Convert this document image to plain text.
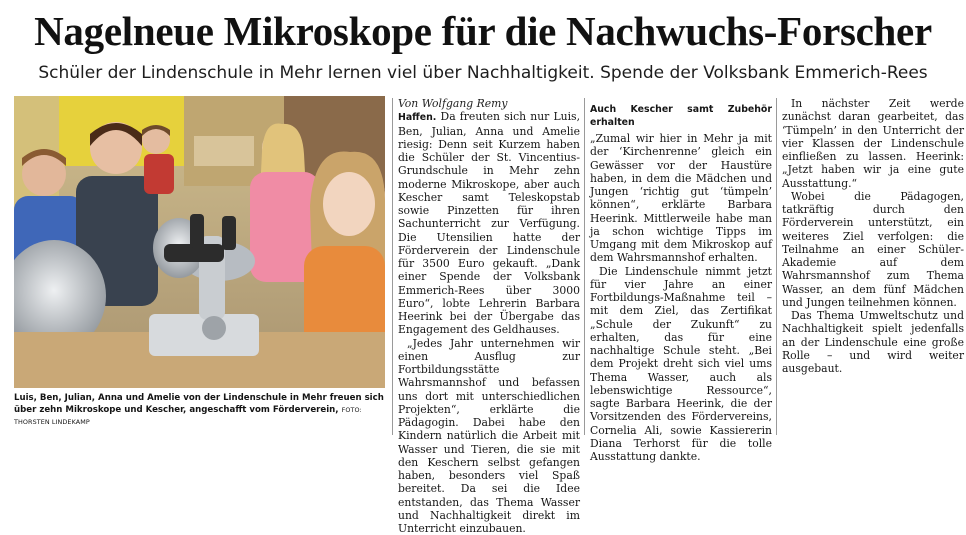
Nagelneue Mikroskope für die Nachwuchs-Forscher
Schüler der Lindenschule in Mehr lernen viel über Nachhaltigkeit. Spende der Volksbank Emmerich-Rees
Luis, Ben, Julian, Anna und Amelie von der Lindenschule in Mehr freuen sich über zehn Mikroskope und Kescher, angeschafft vom Förderverein, FOTO: THORSTEN LINDEKAMP

Von Wolfgang Remy

Haffen. Da freuten sich nur Luis, Ben, Julian, Anna und Amelie riesig: Denn seit Kurzem haben die Schüler der St. Vincentius-Grundschule in Mehr zehn moderne Mikroskope, aber auch Kescher samt Teleskopstab sowie Pinzetten für ihren Sachunterricht zur Verfügung. Die Utensilien hatte der Förderverein der Lindenschule für 3500 Euro gekauft. „Dank einer Spende der Volksbank Emmerich-Rees über 3000 Euro“, lobte Lehrerin Barbara Heerink bei der Übergabe das Engagement des Geldhauses.

„Jedes Jahr unternehmen wir einen Ausflug zur Fortbildungsstätte Wahrsmannshof und befassen uns dort mit unterschiedlichen Projekten“, erklärte die Pädagogin. Dabei habe den Kindern natürlich die Arbeit mit Wasser und Tieren, die sie mit den Keschern selbst gefangen haben, besonders viel Spaß bereitet. Da sei die Idee entstanden, das Thema Wasser und Nachhaltigkeit direkt im Unterricht einzubauen.

Auch Kescher samt Zubehör erhalten

„Zumal wir hier in Mehr ja mit der ‘Kirchenrenne’ gleich ein Gewässer vor der Haustüre haben, in dem die Mädchen und Jungen ‘richtig gut ‘tümpeln’ können“, erklärte Barbara Heerink. Mittlerweile habe man ja schon wichtige Tipps im Umgang mit dem Mikroskop auf dem Wahrsmannshof erhalten.

Die Lindenschule nimmt jetzt für vier Jahre an einer Fortbildungs-Maßnahme teil – mit dem Ziel, das Zertifikat „Schule der Zukunft“ zu erhalten, das für eine nachhaltige Schule steht. „Bei dem Projekt dreht sich viel ums Thema Wasser, auch als lebenswichtige Ressource“, sagte Barbara Heerink, die der Vorsitzenden des Fördervereins, Cornelia Ali, sowie Kassiererin Diana Terhorst für die tolle Ausstattung dankte.

In nächster Zeit werde zunächst daran gearbeitet, das ‘Tümpeln’ in den Unterricht der vier Klassen der Lindenschule einfließen zu lassen. Heerink: „Jetzt haben wir ja eine gute Ausstattung.“

Wobei die Pädagogen, tatkräftig durch den Förderverein unterstützt, ein weiteres Ziel verfolgen: die Teilnahme an einer Schüler-Akademie auf dem Wahrsmannshof zum Thema Wasser, an dem fünf Mädchen und Jungen teilnehmen können.

Das Thema Umweltschutz und Nachhaltigkeit spielt jedenfalls an der Lindenschule eine große Rolle – und wird weiter ausgebaut.
